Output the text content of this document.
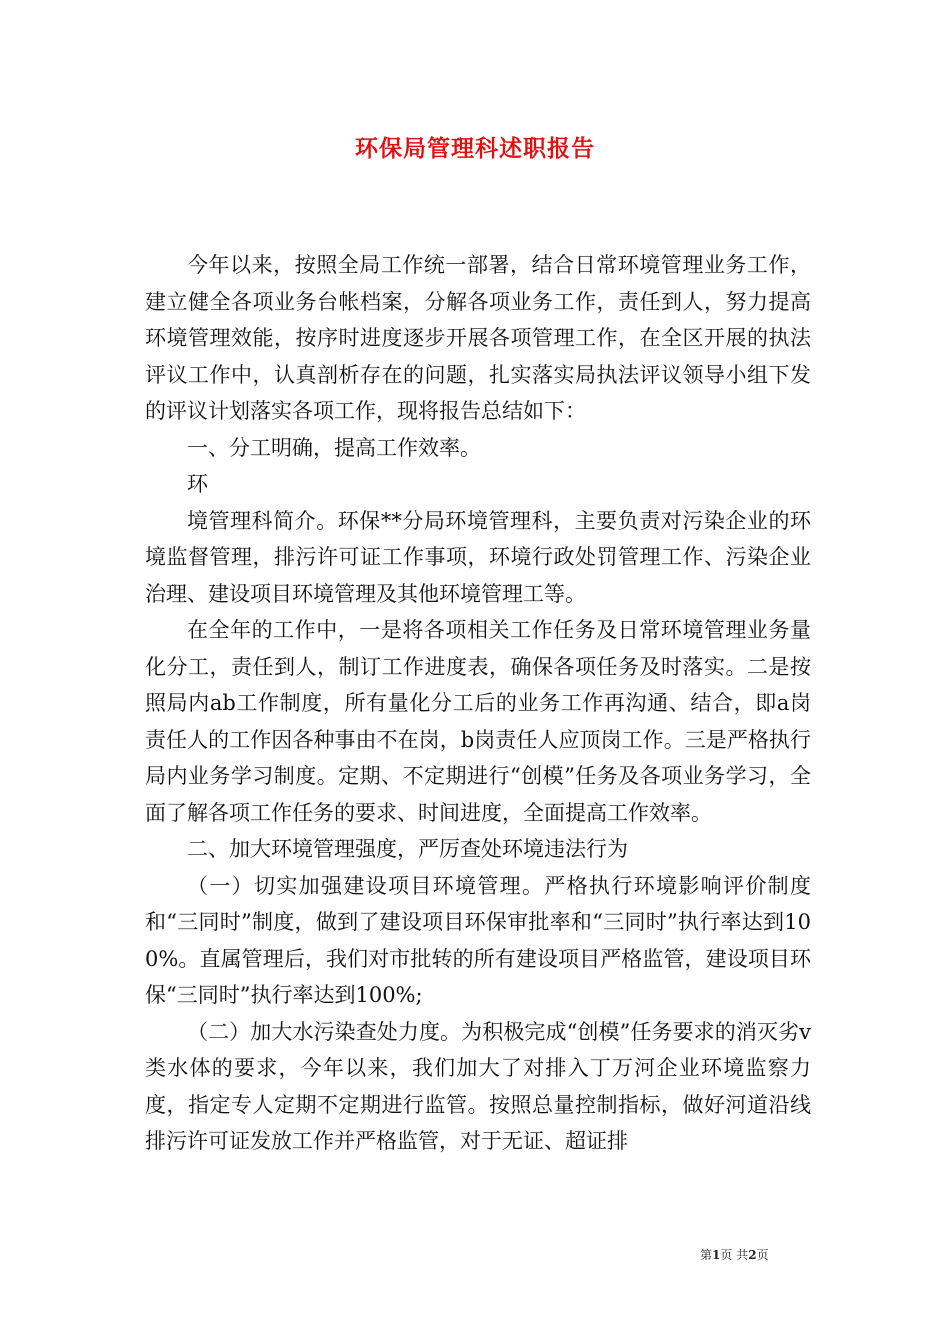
环保局管理科述职报告

今年以来，按照全局工作统一部署，结合日常环境管理业务工作，建立健全各项业务台帐档案，分解各项业务工作，责任到人，努力提高环境管理效能，按序时进度逐步开展各项管理工作，在全区开展的执法评议工作中，认真剖析存在的问题，扎实落实局执法评议领导小组下发的评议计划落实各项工作，现将报告总结如下：

一、分工明确，提高工作效率。

环

境管理科简介。环保**分局环境管理科，主要负责对污染企业的环境监督管理，排污许可证工作事项，环境行政处罚管理工作、污染企业治理、建设项目环境管理及其他环境管理工等。

在全年的工作中，一是将各项相关工作任务及日常环境管理业务量化分工，责任到人，制订工作进度表，确保各项任务及时落实。二是按照局内ab工作制度，所有量化分工后的业务工作再沟通、结合，即a岗责任人的工作因各种事由不在岗，b岗责任人应顶岗工作。三是严格执行局内业务学习制度。定期、不定期进行“创模”任务及各项业务学习，全面了解各项工作任务的要求、时间进度，全面提高工作效率。

二、加大环境管理强度，严厉查处环境违法行为

（一）切实加强建设项目环境管理。严格执行环境影响评价制度和“三同时”制度，做到了建设项目环保审批率和“三同时”执行率达到100%。直属管理后，我们对市批转的所有建设项目严格监管，建设项目环保“三同时”执行率达到100%;

（二）加大水污染查处力度。为积极完成“创模”任务要求的消灭劣v类水体的要求，今年以来，我们加大了对排入丁万河企业环境监察力度，指定专人定期不定期进行监管。按照总量控制指标，做好河道沿线排污许可证发放工作并严格监管，对于无证、超证排

第1页 共2页
